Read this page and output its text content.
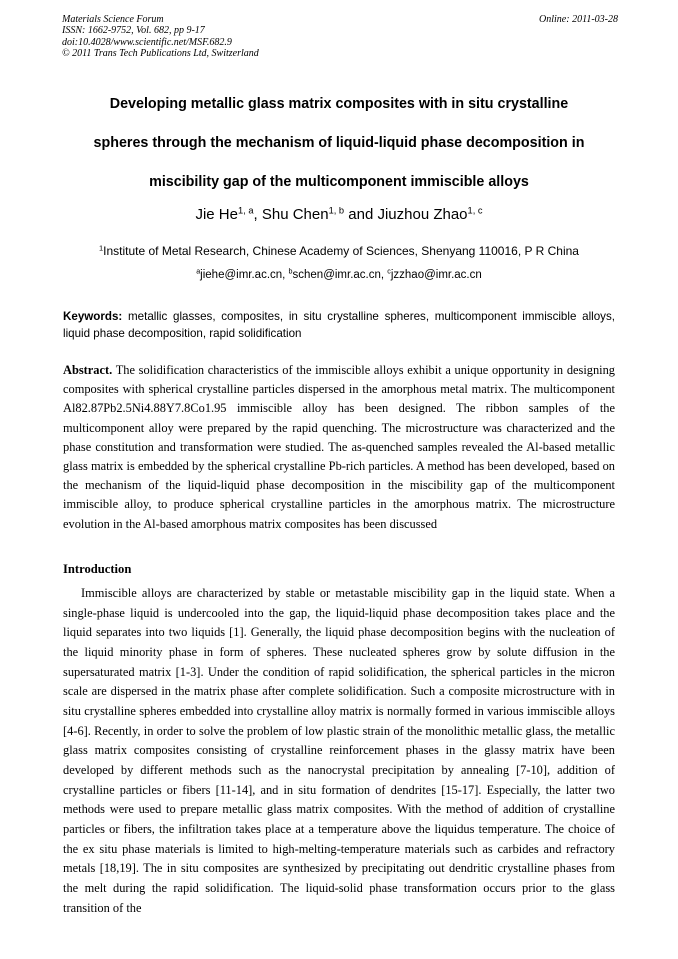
Materials Science Forum
ISSN: 1662-9752, Vol. 682, pp 9-17
doi:10.4028/www.scientific.net/MSF.682.9
© 2011 Trans Tech Publications Ltd, Switzerland
Online: 2011-03-28
Developing metallic glass matrix composites with in situ crystalline
spheres through the mechanism of liquid-liquid phase decomposition in
miscibility gap of the multicomponent immiscible alloys
Jie He$^{1, a}$, Shu Chen$^{1, b}$ and Jiuzhou Zhao$^{1, c}$
$^1$Institute of Metal Research, Chinese Academy of Sciences, Shenyang 110016, P R China
$^a$jiehe@imr.ac.cn, $^b$schen@imr.ac.cn, $^c$jzzhao@imr.ac.cn
Keywords: metallic glasses, composites, in situ crystalline spheres, multicomponent immiscible alloys, liquid phase decomposition, rapid solidification
Abstract. The solidification characteristics of the immiscible alloys exhibit a unique opportunity in designing composites with spherical crystalline particles dispersed in the amorphous metal matrix. The multicomponent Al82.87Pb2.5Ni4.88Y7.8Co1.95 immiscible alloy has been designed. The ribbon samples of the multicomponent alloy were prepared by the rapid quenching. The microstructure was characterized and the phase constitution and transformation were studied. The as-quenched samples revealed the Al-based metallic glass matrix is embedded by the spherical crystalline Pb-rich particles. A method has been developed, based on the mechanism of the liquid-liquid phase decomposition in the miscibility gap of the multicomponent immiscible alloy, to produce spherical crystalline particles in the amorphous matrix. The microstructure evolution in the Al-based amorphous matrix composites has been discussed
Introduction

Immiscible alloys are characterized by stable or metastable miscibility gap in the liquid state. When a single-phase liquid is undercooled into the gap, the liquid-liquid phase decomposition takes place and the liquid separates into two liquids [1]. Generally, the liquid phase decomposition begins with the nucleation of the liquid minority phase in form of spheres. These nucleated spheres grow by solute diffusion in the supersaturated matrix [1-3]. Under the condition of rapid solidification, the spherical particles in the micron scale are dispersed in the matrix phase after complete solidification. Such a composite microstructure with in situ crystalline spheres embedded into crystalline alloy matrix is normally formed in various immiscible alloys [4-6]. Recently, in order to solve the problem of low plastic strain of the monolithic metallic glass, the metallic glass matrix composites consisting of crystalline reinforcement phases in the glassy matrix have been developed by different methods such as the nanocrystal precipitation by annealing [7-10], addition of crystalline particles or fibers [11-14], and in situ formation of dendrites [15-17]. Especially, the latter two methods were used to prepare metallic glass matrix composites. With the method of addition of crystalline particles or fibers, the infiltration takes place at a temperature above the liquidus temperature. The choice of the ex situ phase materials is limited to high-melting-temperature materials such as carbides and refractory metals [18,19]. The in situ composites are synthesized by precipitating out dendritic crystalline phases from the melt during the rapid solidification. The liquid-solid phase transformation occurs prior to the glass transition of the
